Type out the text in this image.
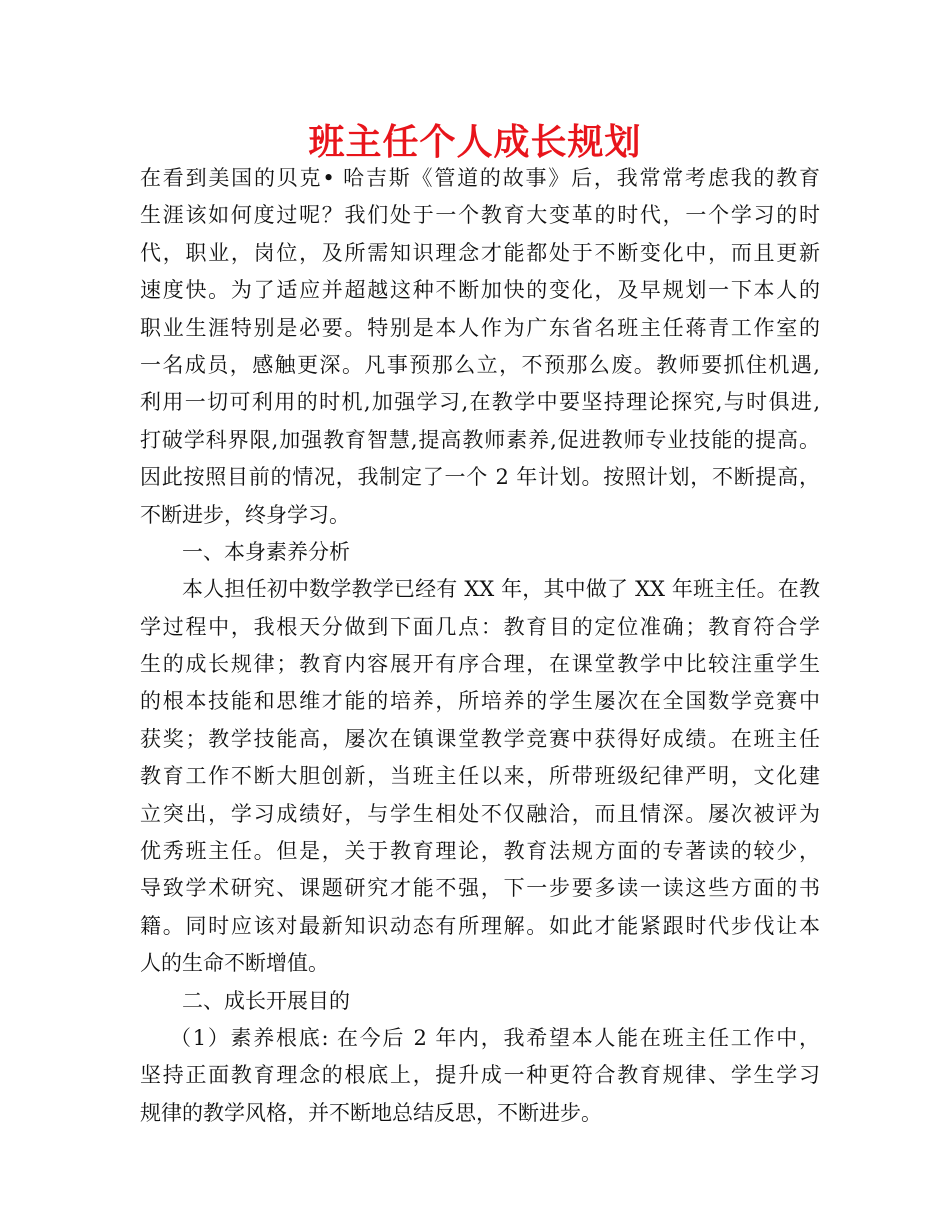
班主任个人成长规划
在看到美国的贝克• 哈吉斯《管道的故事》后，我常常考虑我的教育
生涯该如何度过呢？我们处于一个教育大变革的时代，一个学习的时
代，职业，岗位，及所需知识理念才能都处于不断变化中，而且更新
速度快。为了适应并超越这种不断加快的变化，及早规划一下本人的
职业生涯特别是必要。特别是本人作为广东省名班主任蒋青工作室的
一名成员，感触更深。凡事预那么立，不预那么废。教师要抓住机遇,
利用一切可利用的时机,加强学习,在教学中要坚持理论探究,与时俱进,
打破学科界限,加强教育智慧,提高教师素养,促进教师专业技能的提高。
因此按照目前的情况，我制定了一个 2 年计划。按照计划，不断提高，
不断进步，终身学习。
一、本身素养分析
本人担任初中数学教学已经有 XX 年，其中做了 XX 年班主任。在教
学过程中，我根天分做到下面几点：教育目的定位准确；教育符合学
生的成长规律；教育内容展开有序合理，在课堂教学中比较注重学生
的根本技能和思维才能的培养，所培养的学生屡次在全国数学竞赛中
获奖；教学技能高，屡次在镇课堂教学竞赛中获得好成绩。在班主任
教育工作不断大胆创新，当班主任以来，所带班级纪律严明，文化建
立突出，学习成绩好，与学生相处不仅融洽，而且情深。屡次被评为
优秀班主任。但是，关于教育理论，教育法规方面的专著读的较少，
导致学术研究、课题研究才能不强，下一步要多读一读这些方面的书
籍。同时应该对最新知识动态有所理解。如此才能紧跟时代步伐让本
人的生命不断增值。
二、成长开展目的
（1）素养根底: 在今后 2 年内，我希望本人能在班主任工作中，
坚持正面教育理念的根底上，提升成一种更符合教育规律、学生学习
规律的教学风格，并不断地总结反思，不断进步。
